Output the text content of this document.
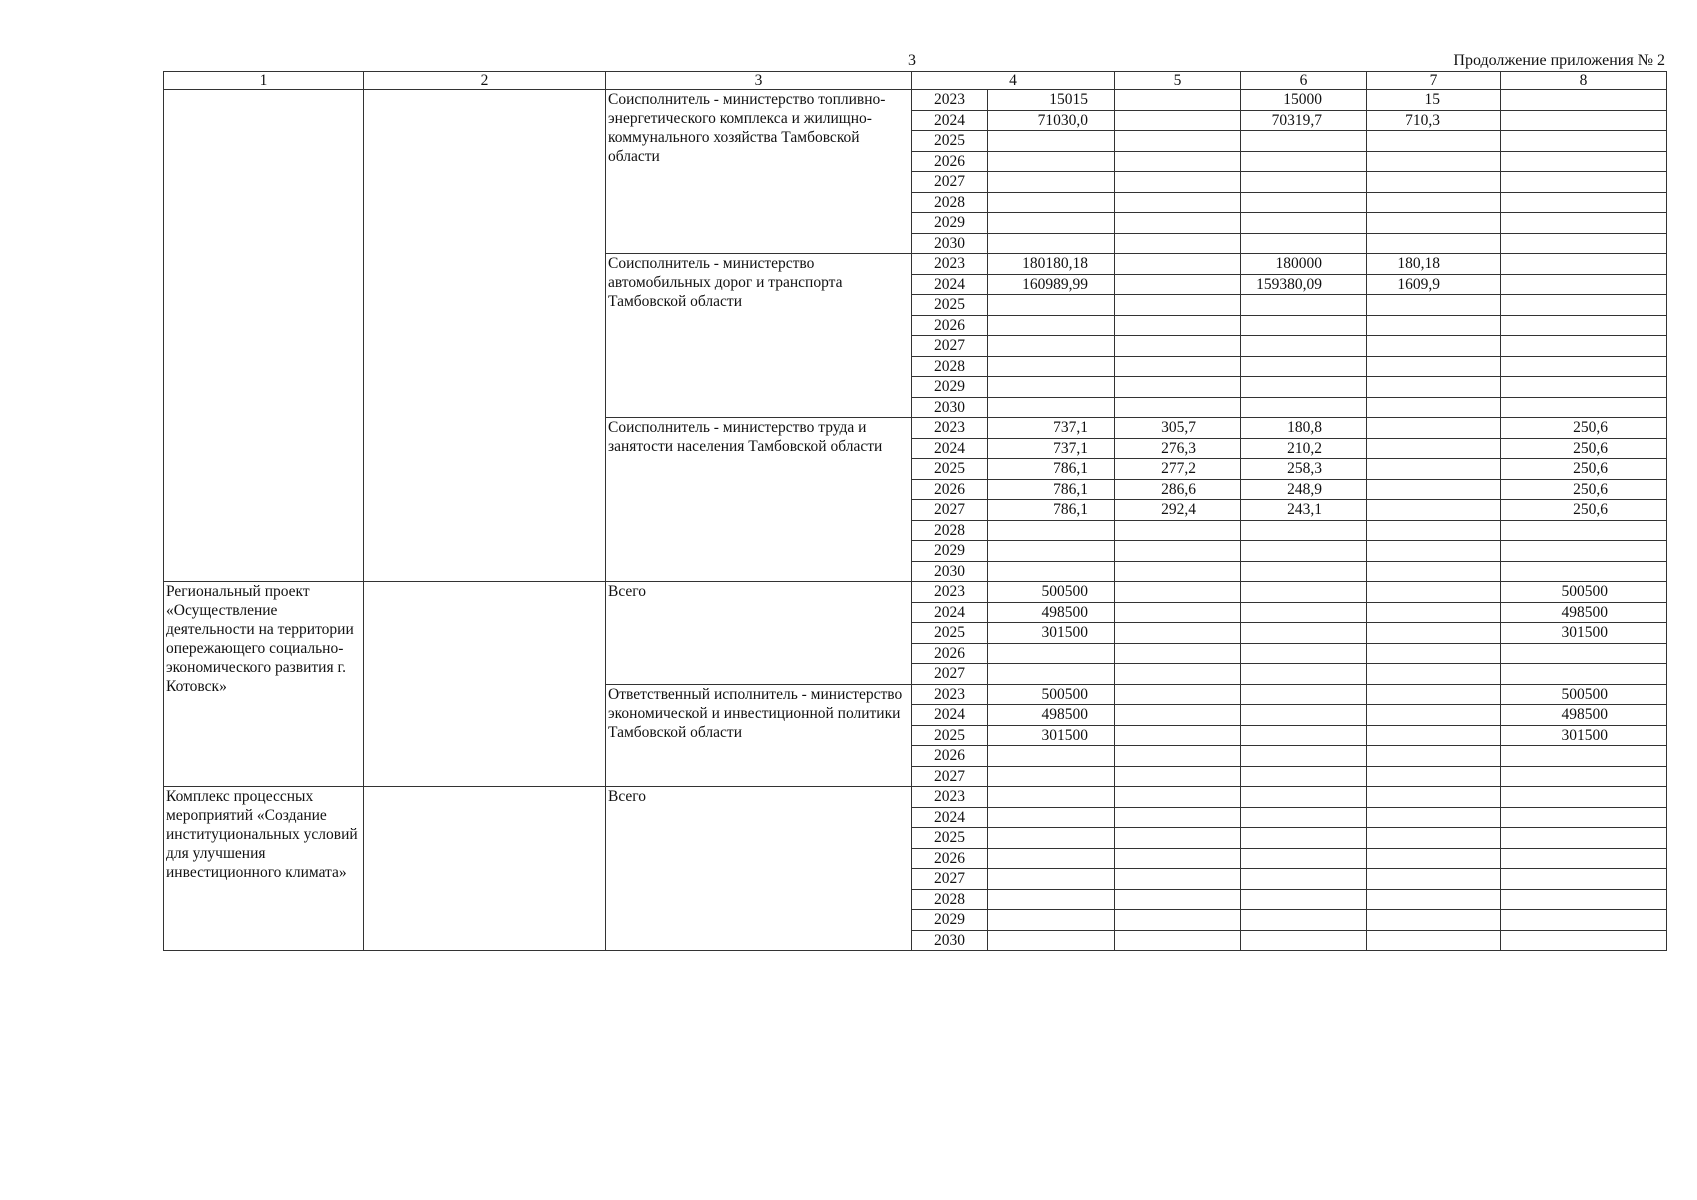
3	Продолжение приложения № 2
1	2	3	4		5	6	7	8
		Соисполнитель - министерство топливно-энергетического комплекса и жилищно-коммунального хозяйства Тамбовской области	2023	15015		15000	15	
			2024	71030,0		70319,7	710,3	
			2025					
			2026					
			2027					
			2028					
			2029					
			2030					
		Соисполнитель - министерство автомобильных дорог и транспорта Тамбовской области	2023	180180,18		180000	180,18	
			2024	160989,99		159380,09	1609,9	
			2025					
			2026					
			2027					
			2028					
			2029					
			2030					
		Соисполнитель - министерство труда и занятости населения Тамбовской области	2023	737,1	305,7	180,8		250,6
			2024	737,1	276,3	210,2		250,6
			2025	786,1	277,2	258,3		250,6
			2026	786,1	286,6	248,9		250,6
			2027	786,1	292,4	243,1		250,6
			2028					
			2029					
			2030					
Региональный проект «Осуществление деятельности на территории опережающего социально-экономического развития г. Котовск»		Всего	2023	500500				500500
			2024	498500				498500
			2025	301500				301500
			2026					
			2027					
		Ответственный исполнитель - министерство экономической и инвестиционной политики Тамбовской области	2023	500500				500500
			2024	498500				498500
			2025	301500				301500
			2026					
			2027					
Комплекс процессных мероприятий «Создание институциональных условий для улучшения инвестиционного климата»		Всего	2023					
			2024					
			2025					
			2026					
			2027					
			2028					
			2029					
			2030					
